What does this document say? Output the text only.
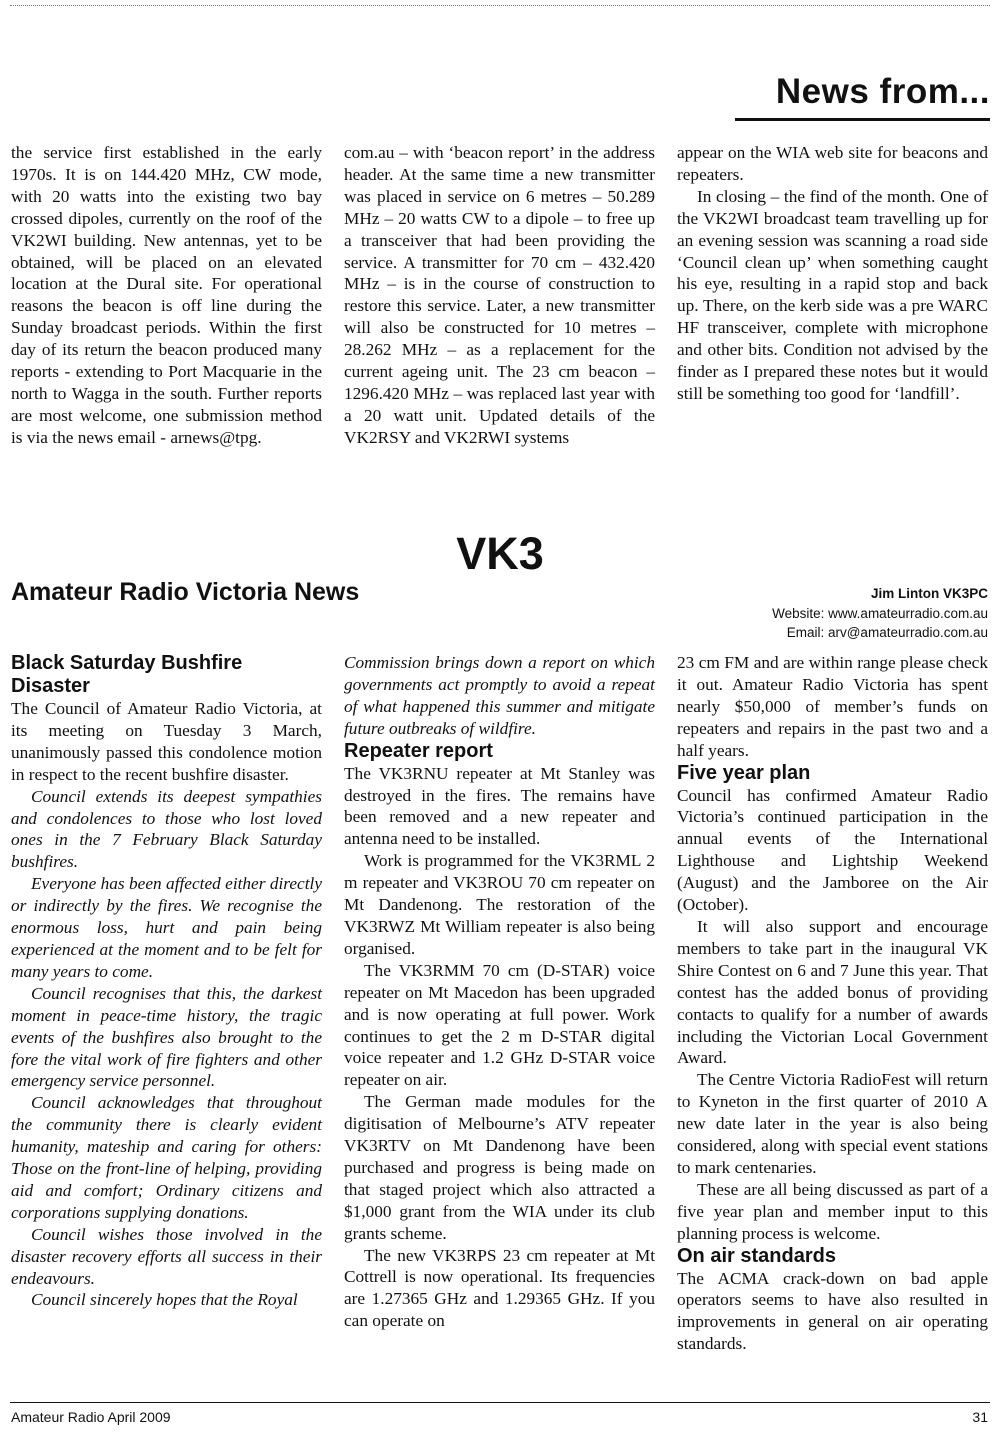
News from...

the service first established in the early 1970s. It is on 144.420 MHz, CW mode, with 20 watts into the existing two bay crossed dipoles, currently on the roof of the VK2WI building. New antennas, yet to be obtained, will be placed on an elevated location at the Dural site. For operational reasons the beacon is off line during the Sunday broadcast periods. Within the first day of its return the beacon produced many reports - extending to Port Macquarie in the north to Wagga in the south. Further reports are most welcome, one submission method is via the news email - arnews@tpg.

com.au – with ‘beacon report’ in the address header. At the same time a new transmitter was placed in service on 6 metres – 50.289 MHz – 20 watts CW to a dipole – to free up a transceiver that had been providing the service. A transmitter for 70 cm – 432.420 MHz – is in the course of construction to restore this service. Later, a new transmitter will also be constructed for 10 metres – 28.262 MHz – as a replacement for the current ageing unit. The 23 cm beacon – 1296.420 MHz – was replaced last year with a 20 watt unit. Updated details of the VK2RSY and VK2RWI systems

appear on the WIA web site for beacons and repeaters.

In closing – the find of the month. One of the VK2WI broadcast team travelling up for an evening session was scanning a road side ‘Council clean up’ when something caught his eye, resulting in a rapid stop and back up. There, on the kerb side was a pre WARC HF transceiver, complete with microphone and other bits. Condition not advised by the finder as I prepared these notes but it would still be something too good for ‘landfill’.

VK3
Amateur Radio Victoria News	Jim Linton VK3PC
Website: www.amateurradio.com.au
Email: arv@amateurradio.com.au
Black Saturday Bushfire Disaster

The Council of Amateur Radio Victoria, at its meeting on Tuesday 3 March, unanimously passed this condolence motion in respect to the recent bushfire disaster.

Council extends its deepest sympathies and condolences to those who lost loved ones in the 7 February Black Saturday bushfires.

Everyone has been affected either directly or indirectly by the fires. We recognise the enormous loss, hurt and pain being experienced at the moment and to be felt for many years to come.

Council recognises that this, the darkest moment in peace-time history, the tragic events of the bushfires also brought to the fore the vital work of fire fighters and other emergency service personnel.

Council acknowledges that throughout the community there is clearly evident humanity, mateship and caring for others: Those on the front-line of helping, providing aid and comfort; Ordinary citizens and corporations supplying donations.

Council wishes those involved in the disaster recovery efforts all success in their endeavours.

Council sincerely hopes that the Royal

Commission brings down a report on which governments act promptly to avoid a repeat of what happened this summer and mitigate future outbreaks of wildfire.

Repeater report

The VK3RNU repeater at Mt Stanley was destroyed in the fires. The remains have been removed and a new repeater and antenna need to be installed.

Work is programmed for the VK3RML 2 m repeater and VK3ROU 70 cm repeater on Mt Dandenong. The restoration of the VK3RWZ Mt William repeater is also being organised.

The VK3RMM 70 cm (D-STAR) voice repeater on Mt Macedon has been upgraded and is now operating at full power. Work continues to get the 2 m D-STAR digital voice repeater and 1.2 GHz D-STAR voice repeater on air.

The German made modules for the digitisation of Melbourne’s ATV repeater VK3RTV on Mt Dandenong have been purchased and progress is being made on that staged project which also attracted a $1,000 grant from the WIA under its club grants scheme.

The new VK3RPS 23 cm repeater at Mt Cottrell is now operational. Its frequencies are 1.27365 GHz and 1.29365 GHz. If you can operate on

23 cm FM and are within range please check it out. Amateur Radio Victoria has spent nearly $50,000 of member’s funds on repeaters and repairs in the past two and a half years.

Five year plan

Council has confirmed Amateur Radio Victoria’s continued participation in the annual events of the International Lighthouse and Lightship Weekend (August) and the Jamboree on the Air (October).

It will also support and encourage members to take part in the inaugural VK Shire Contest on 6 and 7 June this year. That contest has the added bonus of providing contacts to qualify for a number of awards including the Victorian Local Government Award.

The Centre Victoria RadioFest will return to Kyneton in the first quarter of 2010 A new date later in the year is also being considered, along with special event stations to mark centenaries.

These are all being discussed as part of a five year plan and member input to this planning process is welcome.

On air standards

The ACMA crack-down on bad apple operators seems to have also resulted in improvements in general on air operating standards.

Amateur Radio April 2009	31
